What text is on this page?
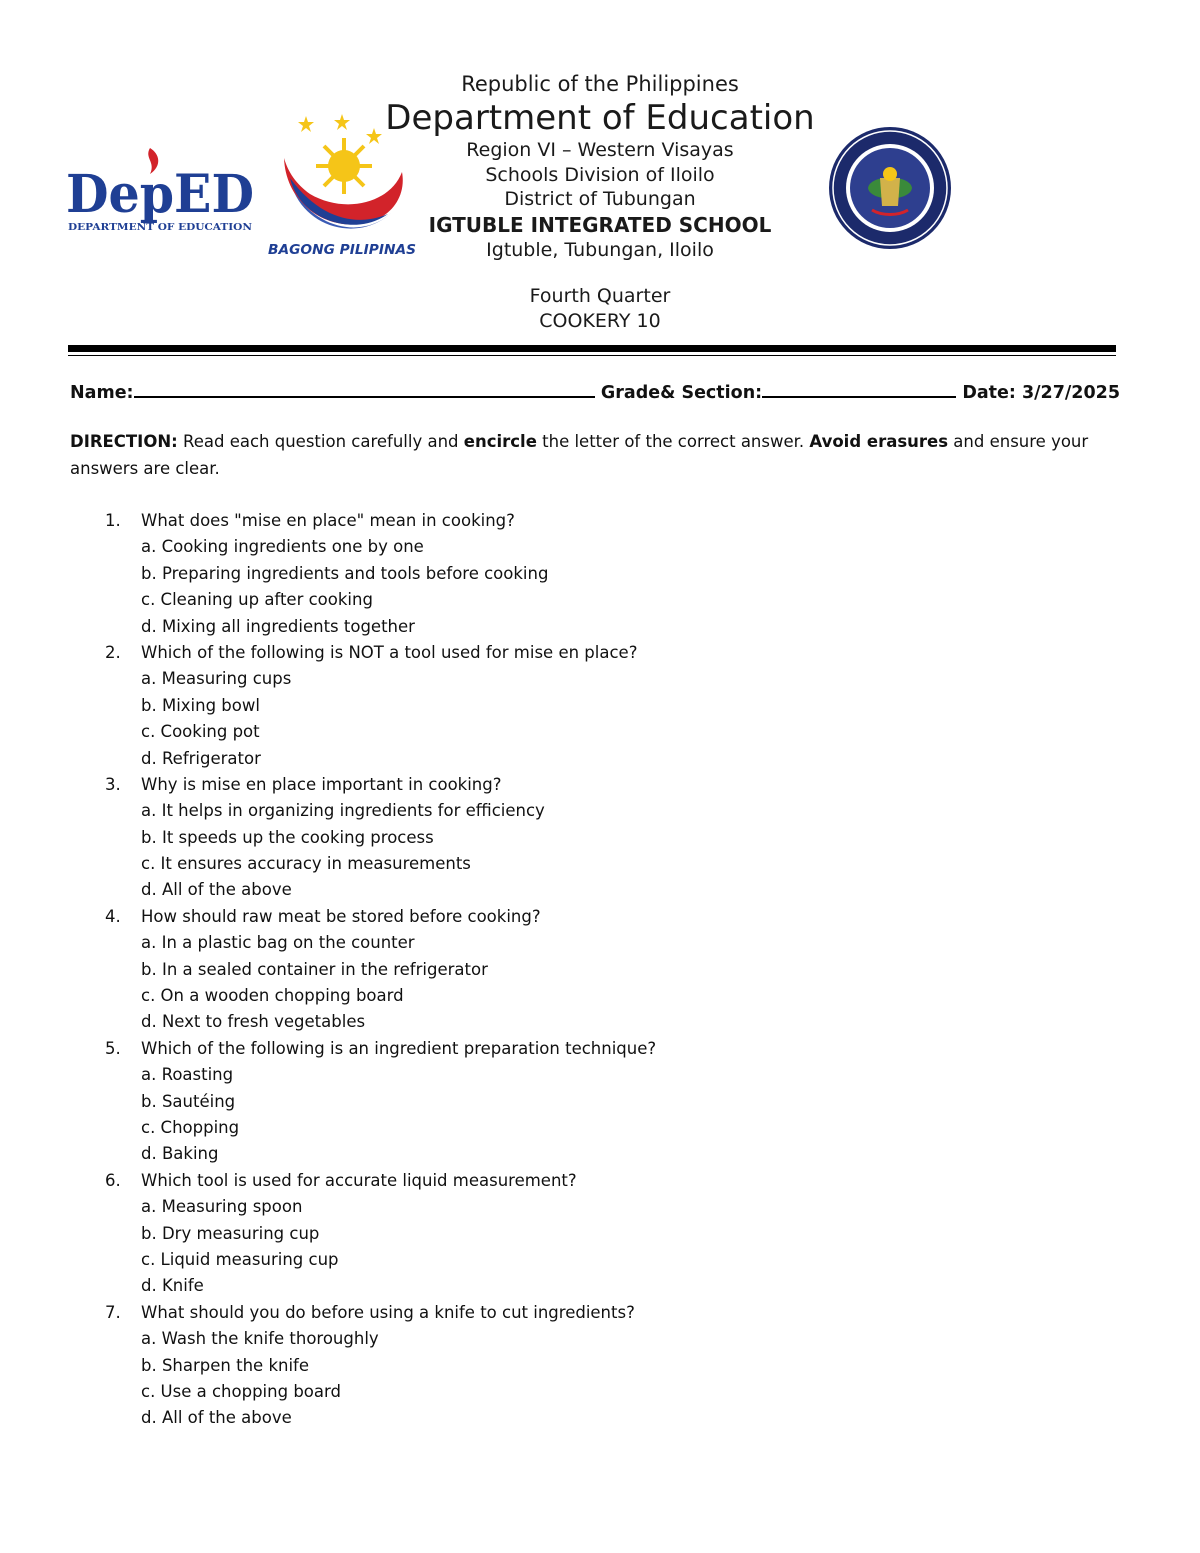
DepED
DEPARTMENT OF EDUCATION
BAGONG PILIPINAS
Republic of the Philippines
Department of Education
Region VI – Western Visayas
Schools Division of Iloilo
District of Tubungan
IGTUBLE INTEGRATED SCHOOL
Igtuble, Tubungan, Iloilo
Fourth Quarter
COOKERY 10
Name:	Grade& Section:	Date: 3/27/2025
DIRECTION: Read each question carefully and encircle the letter of the correct answer. Avoid erasures and ensure your answers are clear.
1.	What does "mise en place" mean in cooking?
a. Cooking ingredients one by one
b. Preparing ingredients and tools before cooking
c. Cleaning up after cooking
d. Mixing all ingredients together
2.	Which of the following is NOT a tool used for mise en place?
a. Measuring cups
b. Mixing bowl
c. Cooking pot
d. Refrigerator
3.	Why is mise en place important in cooking?
a. It helps in organizing ingredients for efficiency
b. It speeds up the cooking process
c. It ensures accuracy in measurements
d. All of the above
4.	How should raw meat be stored before cooking?
a. In a plastic bag on the counter
b. In a sealed container in the refrigerator
c. On a wooden chopping board
d. Next to fresh vegetables
5.	Which of the following is an ingredient preparation technique?
a. Roasting
b. Sautéing
c. Chopping
d. Baking
6.	Which tool is used for accurate liquid measurement?
a. Measuring spoon
b. Dry measuring cup
c. Liquid measuring cup
d. Knife
7.	What should you do before using a knife to cut ingredients?
a. Wash the knife thoroughly
b. Sharpen the knife
c. Use a chopping board
d. All of the above
